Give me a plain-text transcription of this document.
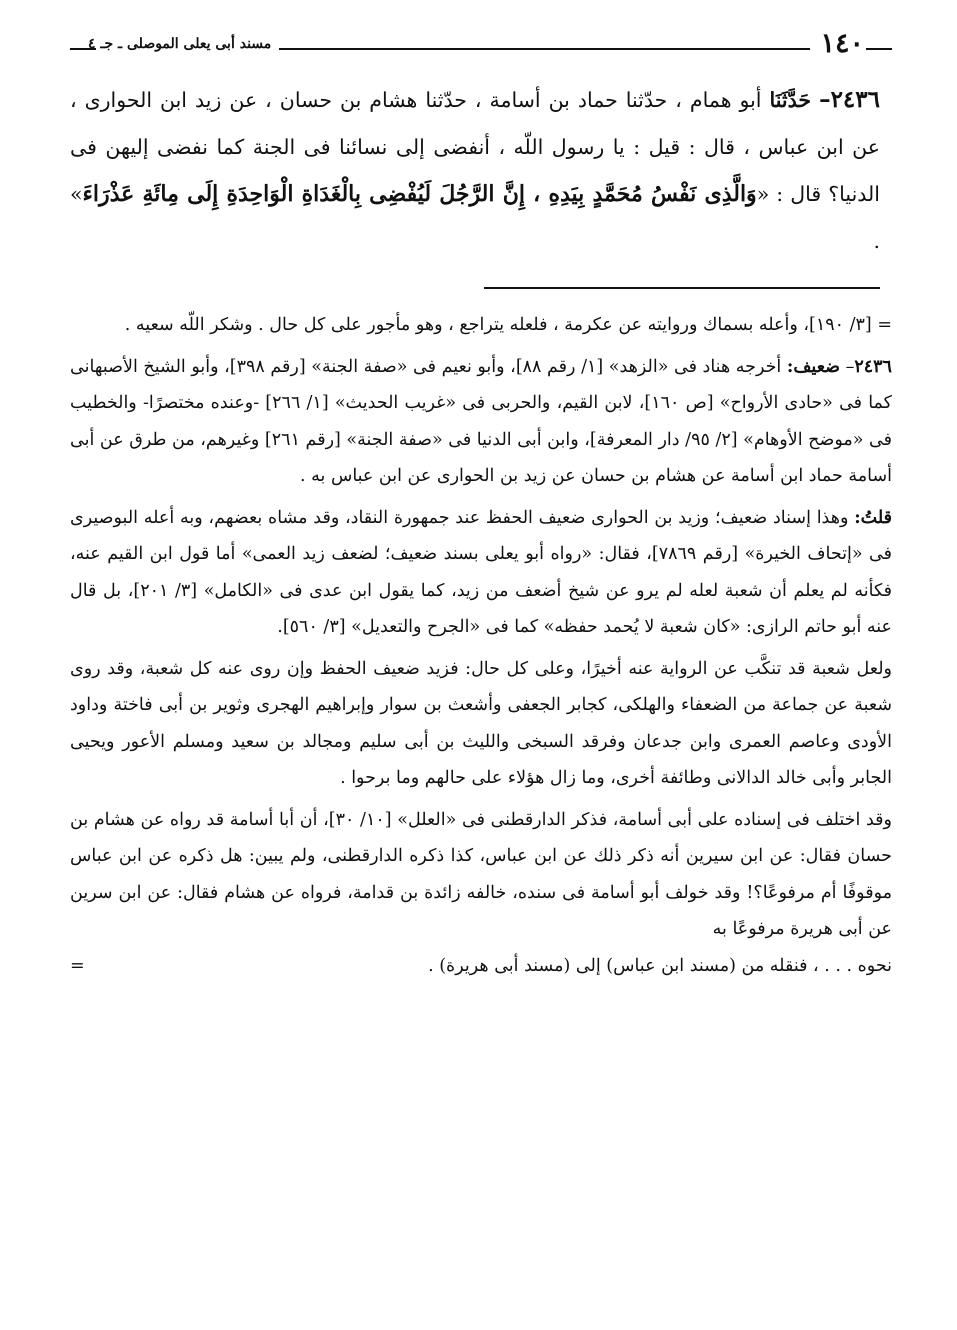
١٤٠
مسند أبى يعلى الموصلى ـ جـ ٤

٢٤٣٦– حَدَّثَنَا أبو همام ، حدّثنا حماد بن أسامة ، حدّثنا هشام بن حسان ، عن زيد ابن الحوارى ، عن ابن عباس ، قال : قيل : يا رسول اللّه ، أنفضى إلى نسائنا فى الجنة كما نفضى إليهن فى الدنيا؟ قال : «وَالَّذِى نَفْسُ مُحَمَّدٍ بِيَدِهِ ، إِنَّ الرَّجُلَ لَيُفْضِى بِالْغَدَاةِ الْوَاحِدَةِ إِلَى مِائَةِ عَذْرَاءَ» .

= [٣/ ١٩٠]، وأعله بسماك وروايته عن عكرمة ، فلعله يتراجع ، وهو مأجور على كل حال . وشكر اللّه سعيه .

٢٤٣٦– ضعيف: أخرجه هناد فى «الزهد» [١/ رقم ٨٨]، وأبو نعيم فى «صفة الجنة» [رقم ٣٩٨]، وأبو الشيخ الأصبهانى كما فى «حادى الأرواح» [ص ١٦٠]، لابن القيم، والحربى فى «غريب الحديث» [١/ ٢٦٦] -وعنده مختصرًا- والخطيب فى «موضح الأوهام» [٢/ ٩٥/ دار المعرفة]، وابن أبى الدنيا فى «صفة الجنة» [رقم ٢٦١] وغيرهم، من طرق عن أبى أسامة حماد ابن أسامة عن هشام بن حسان عن زيد بن الحوارى عن ابن عباس به .

قلتُ: وهذا إسناد ضعيف؛ وزيد بن الحوارى ضعيف الحفظ عند جمهورة النقاد، وقد مشاه بعضهم، وبه أعله البوصيرى فى «إتحاف الخيرة» [رقم ٧٨٦٩]، فقال: «رواه أبو يعلى بسند ضعيف؛ لضعف زيد العمى» أما قول ابن القيم عنه، فكأنه لم يعلم أن شعبة لعله لم يرو عن شيخ أضعف من زيد، كما يقول ابن عدى فى «الكامل» [٣/ ٢٠١]، بل قال عنه أبو حاتم الرازى: «كان شعبة لا يُحمد حفظه» كما فى «الجرح والتعديل» [٣/ ٥٦٠].

ولعل شعبة قد تنكَّب عن الرواية عنه أخيرًا، وعلى كل حال: فزيد ضعيف الحفظ وإن روى عنه كل شعبة، وقد روى شعبة عن جماعة من الضعفاء والهلكى، كجابر الجعفى وأشعث بن سوار وإبراهيم الهجرى وثوير بن أبى فاختة وداود الأودى وعاصم العمرى وابن جدعان وفرقد السبخى والليث بن أبى سليم ومجالد بن سعيد ومسلم الأعور ويحيى الجابر وأبى خالد الدالانى وطائفة أخرى، وما زال هؤلاء على حالهم وما برحوا .

وقد اختلف فى إسناده على أبى أسامة، فذكر الدارقطنى فى «العلل» [١٠/ ٣٠]، أن أبا أسامة قد رواه عن هشام بن حسان فقال: عن ابن سيرين أنه ذكر ذلك عن ابن عباس، كذا ذكره الدارقطنى، ولم يبين: هل ذكره عن ابن عباس موقوفًا أم مرفوعًا؟! وقد خولف أبو أسامة فى سنده، خالفه زائدة بن قدامة، فرواه عن هشام فقال: عن ابن سرين عن أبى هريرة مرفوعًا به
نحوه . . . ، فنقله من (مسند ابن عباس) إلى (مسند أبى هريرة) .
=
